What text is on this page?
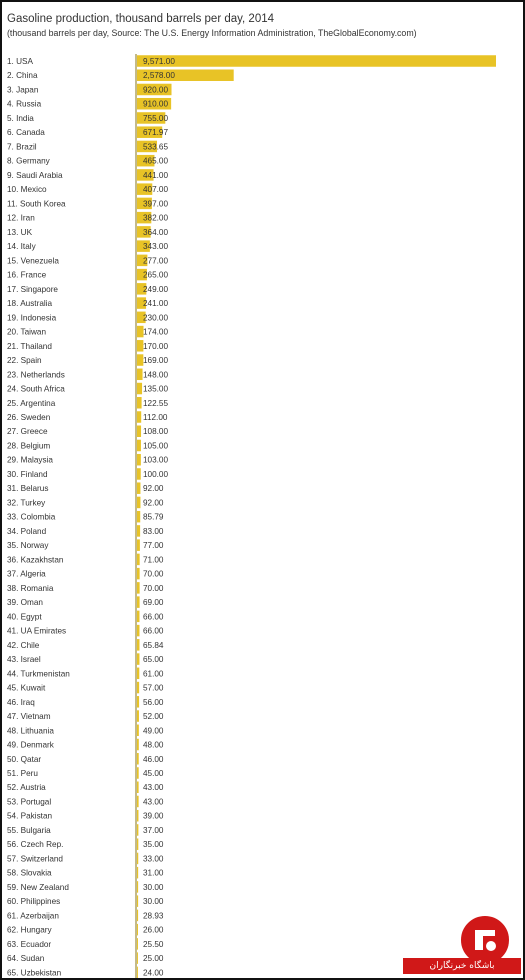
Gasoline production, thousand barrels per day, 2014
(thousand barrels per day, Source: The U.S. Energy Information Administration, TheGlobalEconomy.com)
1. USA	9,571.00
2. China	2,578.00
3. Japan	920.00
4. Russia	910.00
5. India	755.00
6. Canada	671.97
7. Brazil	533.65
8. Germany	465.00
9. Saudi Arabia	441.00
10. Mexico	407.00
11. South Korea	397.00
12. Iran	382.00
13. UK	364.00
14. Italy	343.00
15. Venezuela	277.00
16. France	265.00
17. Singapore	249.00
18. Australia	241.00
19. Indonesia	230.00
20. Taiwan	174.00
21. Thailand	170.00
22. Spain	169.00
23. Netherlands	148.00
24. South Africa	135.00
25. Argentina	122.55
26. Sweden	112.00
27. Greece	108.00
28. Belgium	105.00
29. Malaysia	103.00
30. Finland	100.00
31. Belarus	92.00
32. Turkey	92.00
33. Colombia	85.79
34. Poland	83.00
35. Norway	77.00
36. Kazakhstan	71.00
37. Algeria	70.00
38. Romania	70.00
39. Oman	69.00
40. Egypt	66.00
41. UA Emirates	66.00
42. Chile	65.84
43. Israel	65.00
44. Turkmenistan	61.00
45. Kuwait	57.00
46. Iraq	56.00
47. Vietnam	52.00
48. Lithuania	49.00
49. Denmark	48.00
50. Qatar	46.00
51. Peru	45.00
52. Austria	43.00
53. Portugal	43.00
54. Pakistan	39.00
55. Bulgaria	37.00
56. Czech Rep.	35.00
57. Switzerland	33.00
58. Slovakia	31.00
59. New Zealand	30.00
60. Philippines	30.00
61. Azerbaijan	28.93
62. Hungary	26.00
63. Ecuador	25.50
64. Sudan	25.00
65. Uzbekistan	24.00
باشگاه خبرنگاران
